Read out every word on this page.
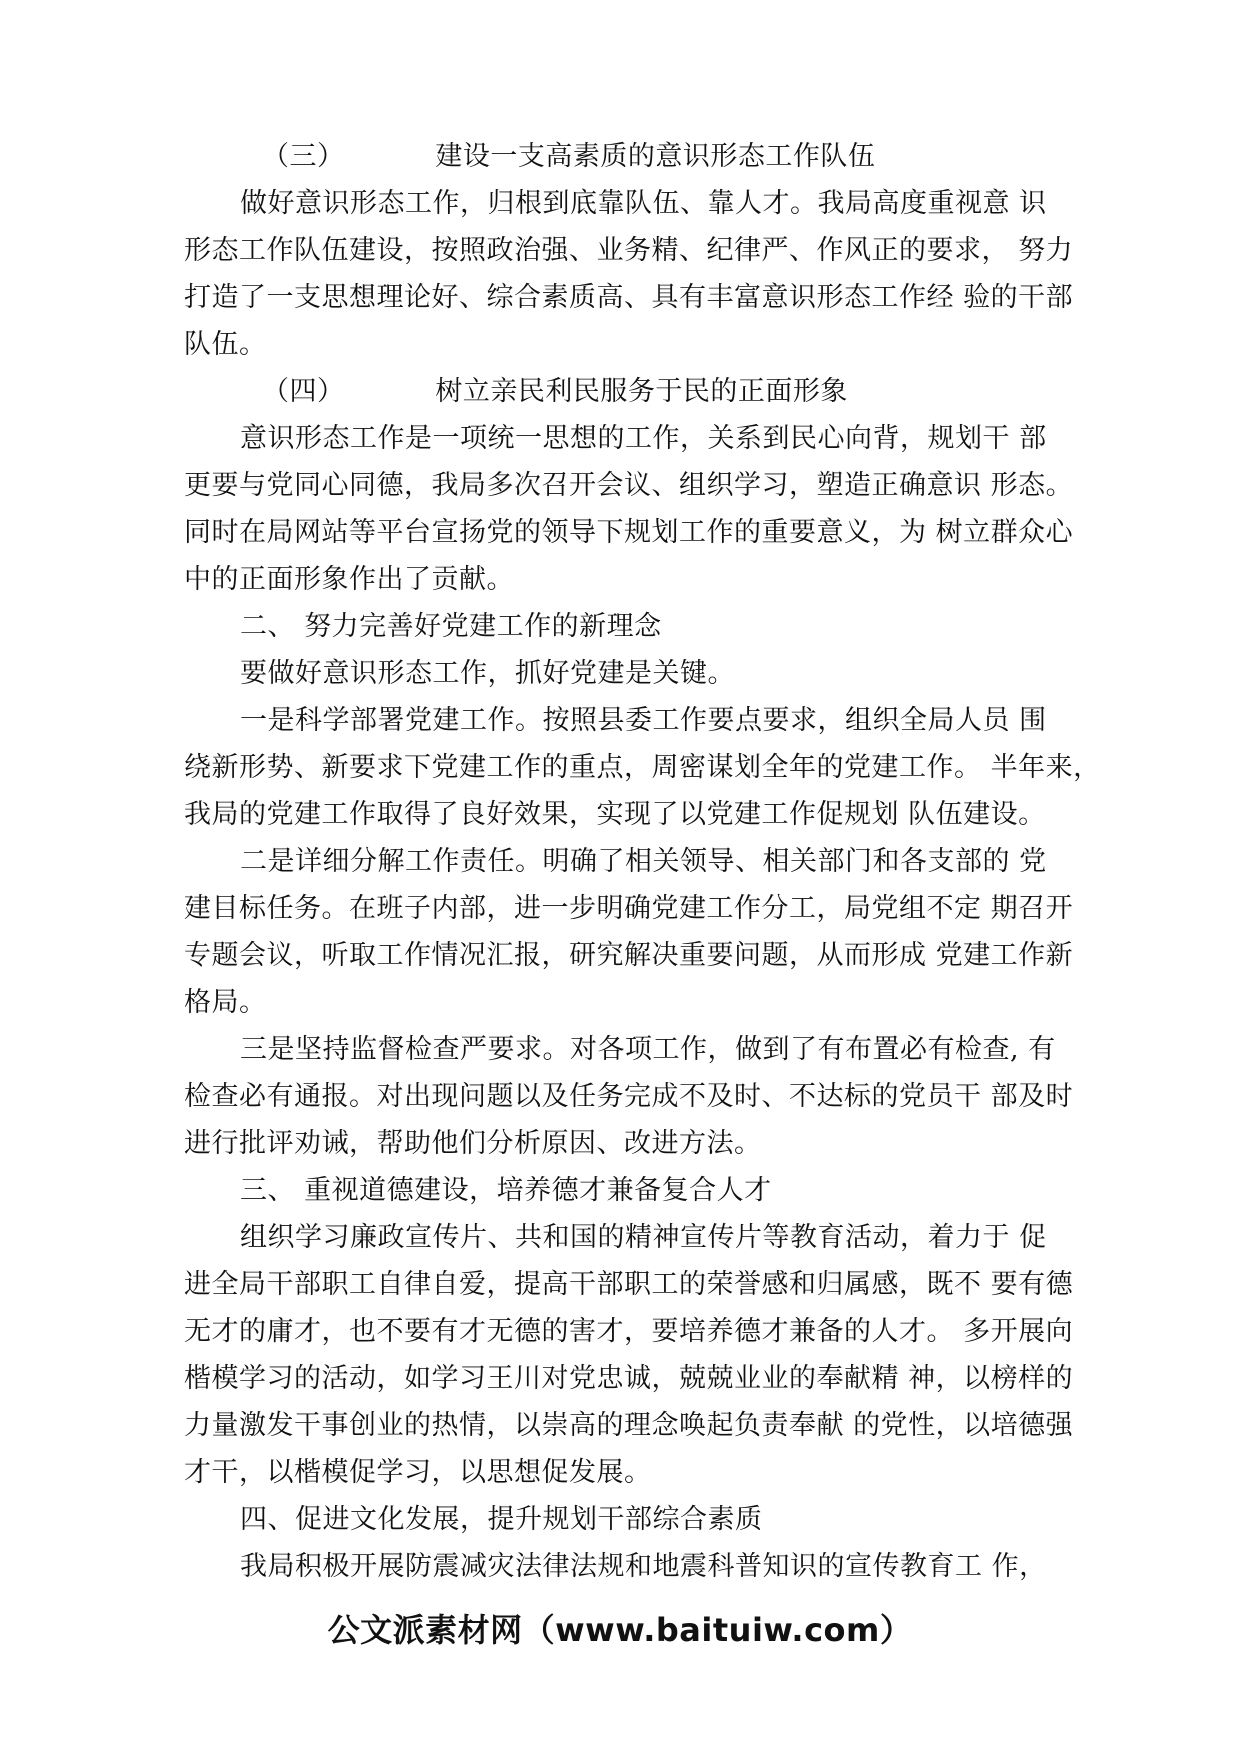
（三）          建设一支高素质的意识形态工作队伍
做好意识形态工作，归根到底靠队伍、靠人才。我局高度重视意 识
形态工作队伍建设，按照政治强、业务精、纪律严、作风正的要求， 努力
打造了一支思想理论好、综合素质高、具有丰富意识形态工作经 验的干部
队伍。
（四）          树立亲民利民服务于民的正面形象
意识形态工作是一项统一思想的工作，关系到民心向背，规划干 部
更要与党同心同德，我局多次召开会议、组织学习，塑造正确意识 形态。
同时在局网站等平台宣扬党的领导下规划工作的重要意义，为 树立群众心
中的正面形象作出了贡献。
二、 努力完善好党建工作的新理念
要做好意识形态工作，抓好党建是关键。
一是科学部署党建工作。按照县委工作要点要求，组织全局人员 围
绕新形势、新要求下党建工作的重点，周密谋划全年的党建工作。 半年来，
我局的党建工作取得了良好效果，实现了以党建工作促规划 队伍建设。
二是详细分解工作责任。明确了相关领导、相关部门和各支部的 党
建目标任务。在班子内部，进一步明确党建工作分工，局党组不定 期召开
专题会议，听取工作情况汇报，研究解决重要问题，从而形成 党建工作新
格局。
三是坚持监督检查严要求。对各项工作，做到了有布置必有检查, 有
检查必有通报。对出现问题以及任务完成不及时、不达标的党员干 部及时
进行批评劝诫，帮助他们分析原因、改进方法。
三、 重视道德建设，培养德才兼备复合人才
组织学习廉政宣传片、共和国的精神宣传片等教育活动，着力于 促
进全局干部职工自律自爱，提高干部职工的荣誉感和归属感，既不 要有德
无才的庸才，也不要有才无德的害才，要培养德才兼备的人才。 多开展向
楷模学习的活动，如学习王川对党忠诚，兢兢业业的奉献精 神，以榜样的
力量激发干事创业的热情，以崇高的理念唤起负责奉献 的党性，以培德强
才干，以楷模促学习，以思想促发展。
四、促进文化发展，提升规划干部综合素质
我局积极开展防震减灾法律法规和地震科普知识的宣传教育工 作，
公文派素材网（www.baituiw.com）
